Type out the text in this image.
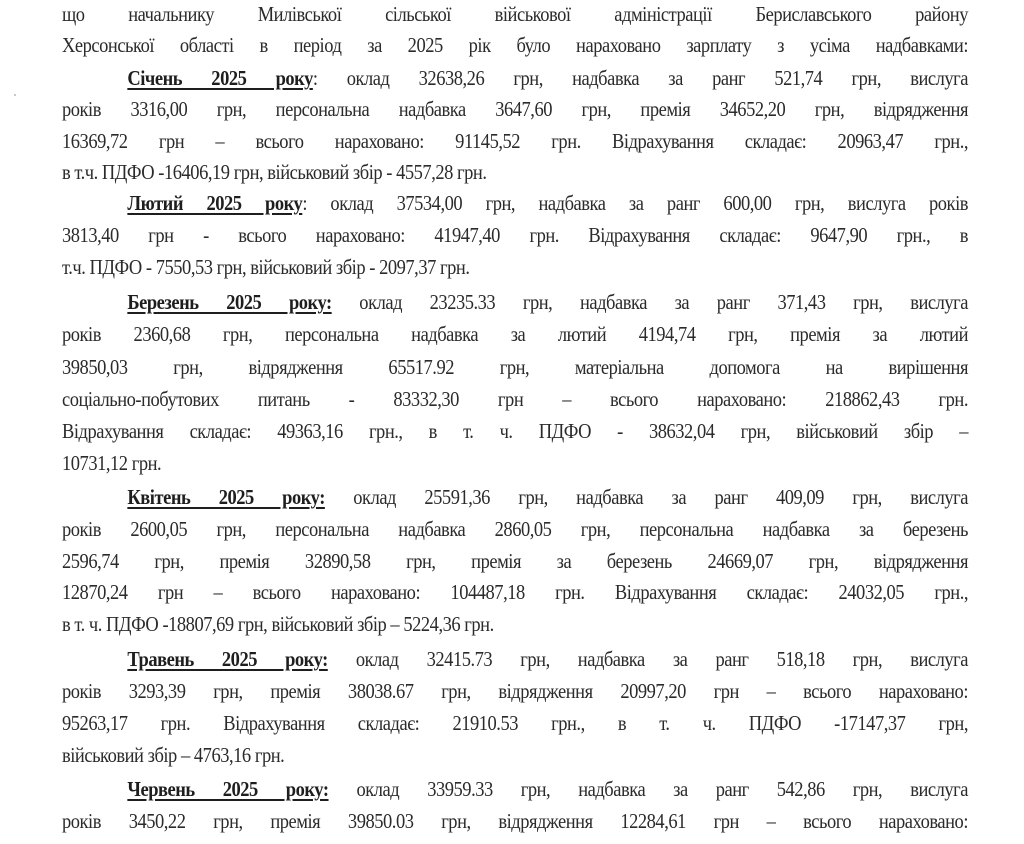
що начальнику Милівської сільської військової адміністрації Бериславського району
Херсонської області в період за 2025 рік було нараховано зарплату з усіма надбавками:
Січень 2025 року: оклад 32638,26 грн, надбавка за ранг 521,74 грн, вислуга
років 3316,00 грн, персональна надбавка 3647,60 грн, премія 34652,20 грн, відрядження
16369,72 грн – всього нараховано: 91145,52 грн. Відрахування складає: 20963,47 грн.,
в т.ч. ПДФО -16406,19 грн, військовий збір - 4557,28 грн.
Лютий 2025 року: оклад 37534,00 грн, надбавка за ранг 600,00 грн, вислуга років
3813,40 грн - всього нараховано: 41947,40 грн. Відрахування складає: 9647,90 грн., в
т.ч. ПДФО - 7550,53 грн, військовий збір - 2097,37 грн.
Березень 2025 року: оклад 23235.33 грн, надбавка за ранг 371,43 грн, вислуга
років 2360,68 грн, персональна надбавка за лютий 4194,74 грн, премія за лютий
39850,03 грн, відрядження 65517.92 грн, матеріальна допомога на вирішення
соціально-побутових питань - 83332,30 грн – всього нараховано: 218862,43 грн.
Відрахування складає: 49363,16 грн., в т. ч. ПДФО - 38632,04 грн, військовий збір –
10731,12 грн.
Квітень 2025 року: оклад 25591,36 грн, надбавка за ранг 409,09 грн, вислуга
років 2600,05 грн, персональна надбавка 2860,05 грн, персональна надбавка за березень
2596,74 грн, премія 32890,58 грн, премія за березень 24669,07 грн, відрядження
12870,24 грн – всього нараховано: 104487,18 грн. Відрахування складає: 24032,05 грн.,
в т. ч. ПДФО -18807,69 грн, військовий збір – 5224,36 грн.
Травень 2025 року: оклад 32415.73 грн, надбавка за ранг 518,18 грн, вислуга
років 3293,39 грн, премія 38038.67 грн, відрядження 20997,20 грн – всього нараховано:
95263,17 грн. Відрахування складає: 21910.53 грн., в т. ч. ПДФО -17147,37 грн,
військовий збір – 4763,16 грн.
Червень 2025 року: оклад 33959.33 грн, надбавка за ранг 542,86 грн, вислуга
років 3450,22 грн, премія 39850.03 грн, відрядження 12284,61 грн – всього нараховано:
